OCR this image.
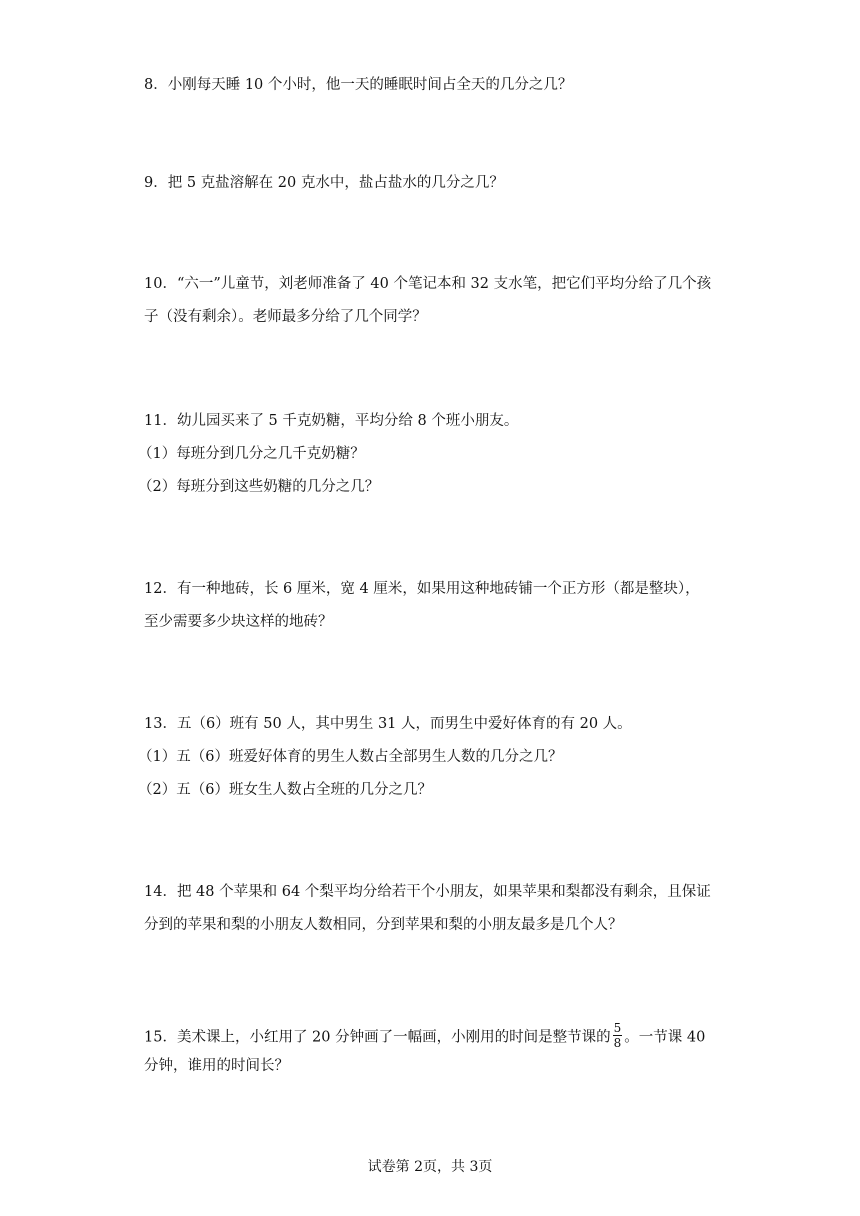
8．小刚每天睡 10 个小时，他一天的睡眠时间占全天的几分之几？
9．把 5 克盐溶解在 20 克水中，盐占盐水的几分之几？
10．“六一”儿童节，刘老师准备了 40 个笔记本和 32 支水笔，把它们平均分给了几个孩
子（没有剩余）。老师最多分给了几个同学？
11．幼儿园买来了 5 千克奶糖，平均分给 8 个班小朋友。
（1）每班分到几分之几千克奶糖？
（2）每班分到这些奶糖的几分之几？
12．有一种地砖，长 6 厘米，宽 4 厘米，如果用这种地砖铺一个正方形（都是整块），
至少需要多少块这样的地砖？
13．五（6）班有 50 人，其中男生 31 人，而男生中爱好体育的有 20 人。
（1）五（6）班爱好体育的男生人数占全部男生人数的几分之几？
（2）五（6）班女生人数占全班的几分之几？
14．把 48 个苹果和 64 个梨平均分给若干个小朋友，如果苹果和梨都没有剩余，且保证
分到的苹果和梨的小朋友人数相同，分到苹果和梨的小朋友最多是几个人？
15．美术课上，小红用了 20 分钟画了一幅画，小刚用的时间是整节课的 $\frac{5}{8}$ 。一节课 40
分钟，谁用的时间长？
试卷第 2页，共 3页
